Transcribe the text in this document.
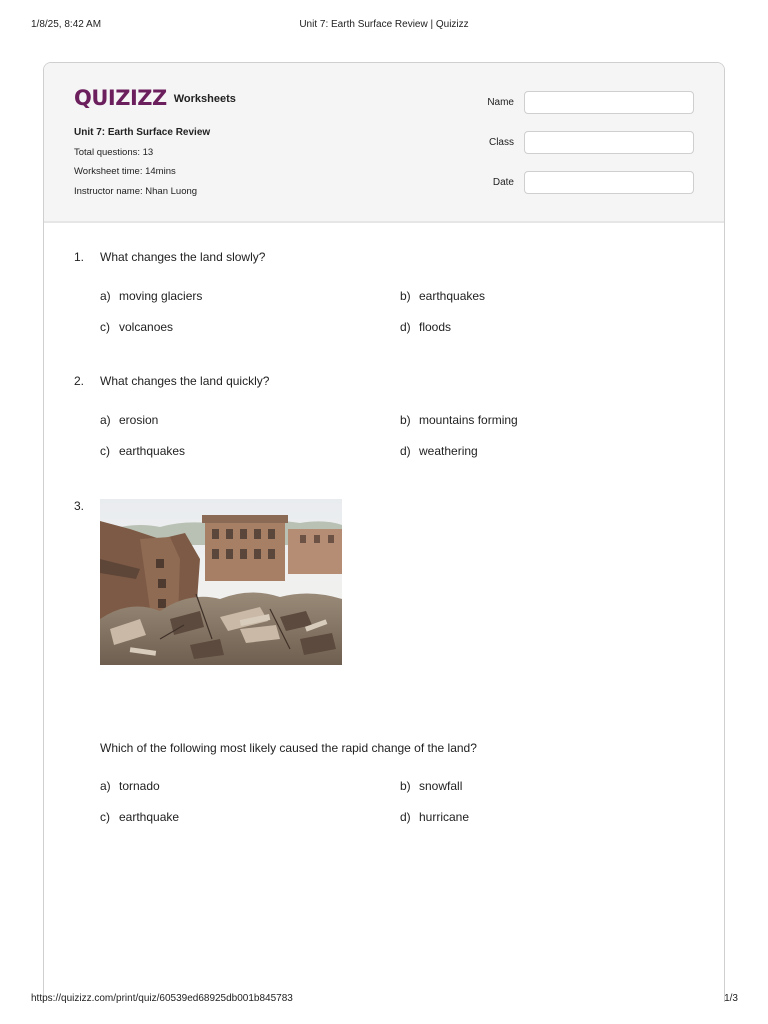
1/8/25, 8:42 AM	Unit 7: Earth Surface Review | Quizizz
QUIZIZZ Worksheets
Unit 7: Earth Surface Review
Total questions: 13
Worksheet time: 14mins
Instructor name: Nhan Luong
Name
Class
Date
1. What changes the land slowly?
a) moving glaciers	b) earthquakes
c) volcanoes	d) floods
2. What changes the land quickly?
a) erosion	b) mountains forming
c) earthquakes	d) weathering
3.
Which of the following most likely caused the rapid change of the land?
a) tornado	b) snowfall
c) earthquake	d) hurricane
https://quizizz.com/print/quiz/60539ed68925db001b845783	1/3
